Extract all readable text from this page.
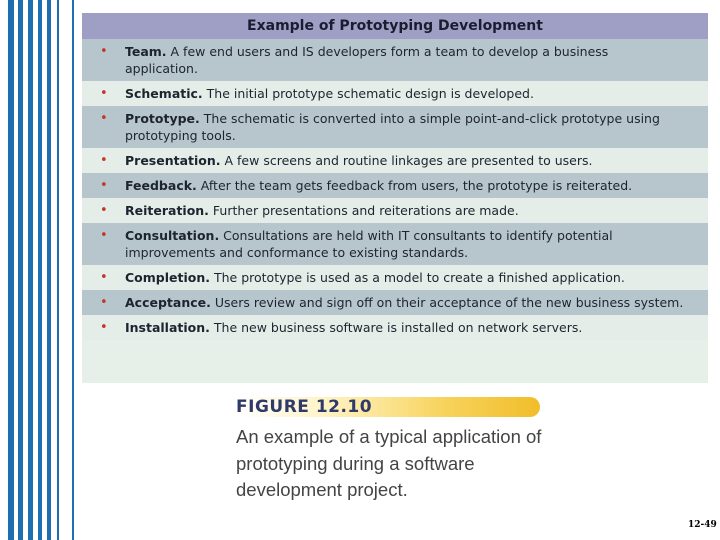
Example of Prototyping Development
• Team. A few end users and IS developers form a team to develop a business application.
• Schematic. The initial prototype schematic design is developed.
• Prototype. The schematic is converted into a simple point-and-click prototype using prototyping tools.
• Presentation. A few screens and routine linkages are presented to users.
• Feedback. After the team gets feedback from users, the prototype is reiterated.
• Reiteration. Further presentations and reiterations are made.
• Consultation. Consultations are held with IT consultants to identify potential improvements and conformance to existing standards.
• Completion. The prototype is used as a model to create a finished application.
• Acceptance. Users review and sign off on their acceptance of the new business system.
• Installation. The new business software is installed on network servers.
FIGURE 12.10
An example of a typical application of prototyping during a software development project.
12-49
